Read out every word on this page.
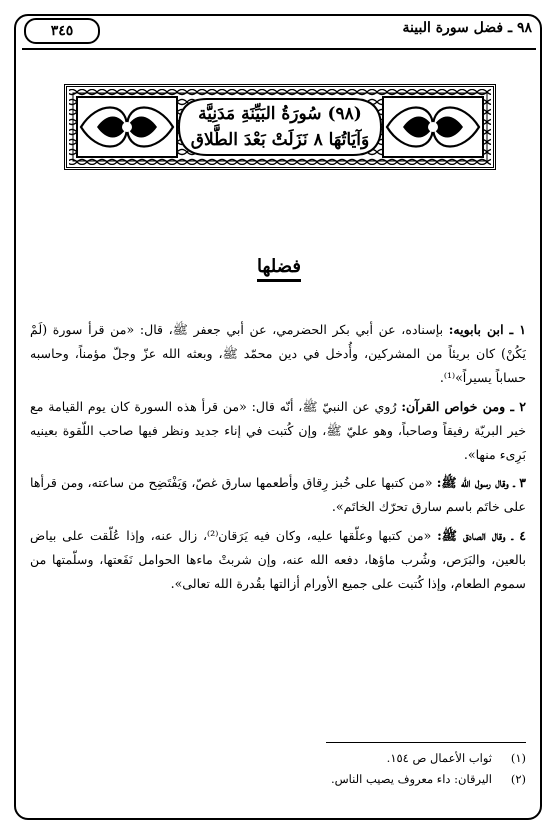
٩٨ ـ فضل سورة البينة
٣٤٥
(٩٨) سُورَةُ البَيِّنَةِ مَدَنِيَّة
وَآيَاتُهَا ٨ نَزَلَتْ بَعْدَ الطَّلاق
فضلها

١ ـ ابن بابويه: بإسناده، عن أبي بكر الحضرمي، عن أبي جعفر ﷺ، قال: «من قرأ سورة (لَمْ يَكُنْ) كان بريئاً من المشركين، وأُدخل في دين محمّد ﷺ، وبعثه الله عزّ وجلّ مؤمناً، وحاسبه حساباً يسيراً»⁽¹⁾.

٢ ـ ومن خواص القرآن: رُوي عن النبيّ ﷺ، أنّه قال: «من قرأ هذه السورة كان يوم القيامة مع خير البريّة رفيقاً وصاحباً، وهو عليّ ﷺ، وإن كُتبت في إناء جديد ونظر فيها صاحب اللّقوة بعينيه بَرِىء منها».

٣ ـ وقال رسول الله ﷺ: «من كتبها على خُبز رِقاق وأطعمها سارق غصّ، وَيَفْتَضِح من ساعته، ومن قرأها على خاتَم باسم سارق تحرّك الخاتَم».

٤ ـ وقال الصادق ﷺ: «من كتبها وعلّقها عليه، وكان فيه يَرَقان⁽²⁾، زال عنه، وإذا عُلّقت على بياض بالعين، والبَرَص، وشُرب ماؤها، دفعه الله عنه، وإن شربتْ ماءها الحوامل نَفَعتها، وسلّمتها من سموم الطعام، وإذا كُتبت على جميع الأورام أزالتها بقُدرة الله تعالى».

(١)ثواب الأعمال ص ١٥٤.
(٢)اليرقان: داء معروف يصيب الناس.
